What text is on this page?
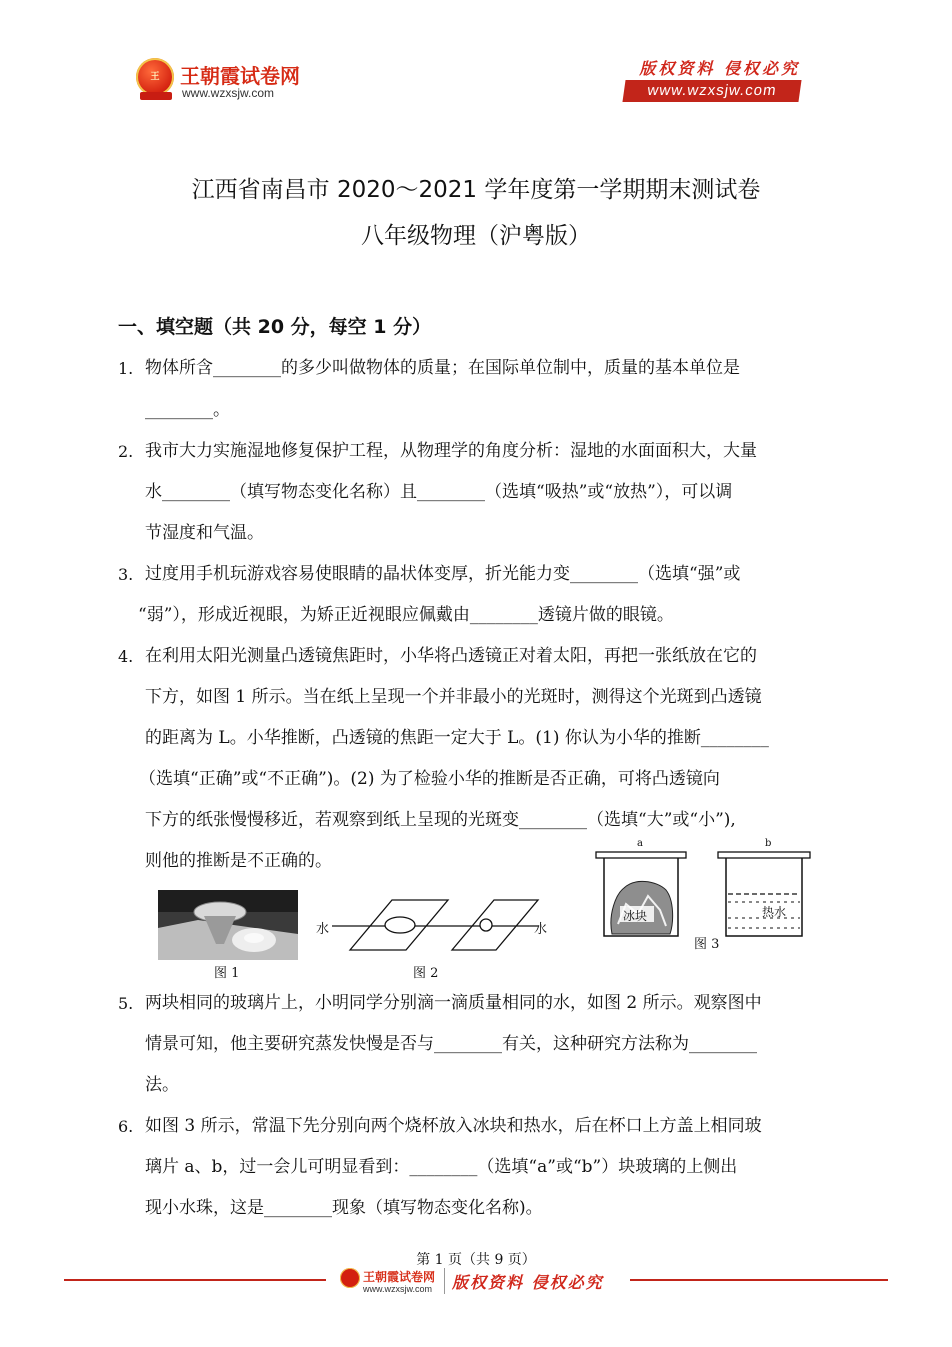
王	王朝霞试卷网
www.wzxsjw.com
版权资料 侵权必究
www.wzxsjw.com
江西省南昌市 2020～2021 学年度第一学期期末测试卷
八年级物理（沪粤版）
一、填空题（共 20 分，每空 1 分）
1. 物体所含________的多少叫做物体的质量；在国际单位制中，质量的基本单位是
________。
2. 我市大力实施湿地修复保护工程，从物理学的角度分析：湿地的水面面积大，大量
水________（填写物态变化名称）且________（选填“吸热”或“放热”），可以调
节湿度和气温。
3. 过度用手机玩游戏容易使眼睛的晶状体变厚，折光能力变________（选填“强”或
“弱”），形成近视眼，为矫正近视眼应佩戴由________透镜片做的眼镜。
4. 在利用太阳光测量凸透镜焦距时，小华将凸透镜正对着太阳，再把一张纸放在它的
下方，如图 1 所示。当在纸上呈现一个并非最小的光斑时，测得这个光斑到凸透镜
的距离为 L。小华推断，凸透镜的焦距一定大于 L。(1) 你认为小华的推断________
（选填“正确”或“不正确”)。(2) 为了检验小华的推断是否正确，可将凸透镜向
下方的纸张慢慢移近，若观察到纸上呈现的光斑变________（选填“大”或“小”),
则他的推断是不正确的。
图 1
水	水
图 2
a	b
冰块	热水
图 3
5. 两块相同的玻璃片上，小明同学分别滴一滴质量相同的水，如图 2 所示。观察图中
情景可知，他主要研究蒸发快慢是否与________有关，这种研究方法称为________
法。
6. 如图 3 所示，常温下先分别向两个烧杯放入冰块和热水，后在杯口上方盖上相同玻
璃片 a、b，过一会儿可明显看到：________（选填“a”或“b”）块玻璃的上侧出
现小水珠，这是________现象（填写物态变化名称)。
第 1 页（共 9 页）
王朝霞试卷网
www.wzxsjw.com 版权资料 侵权必究
